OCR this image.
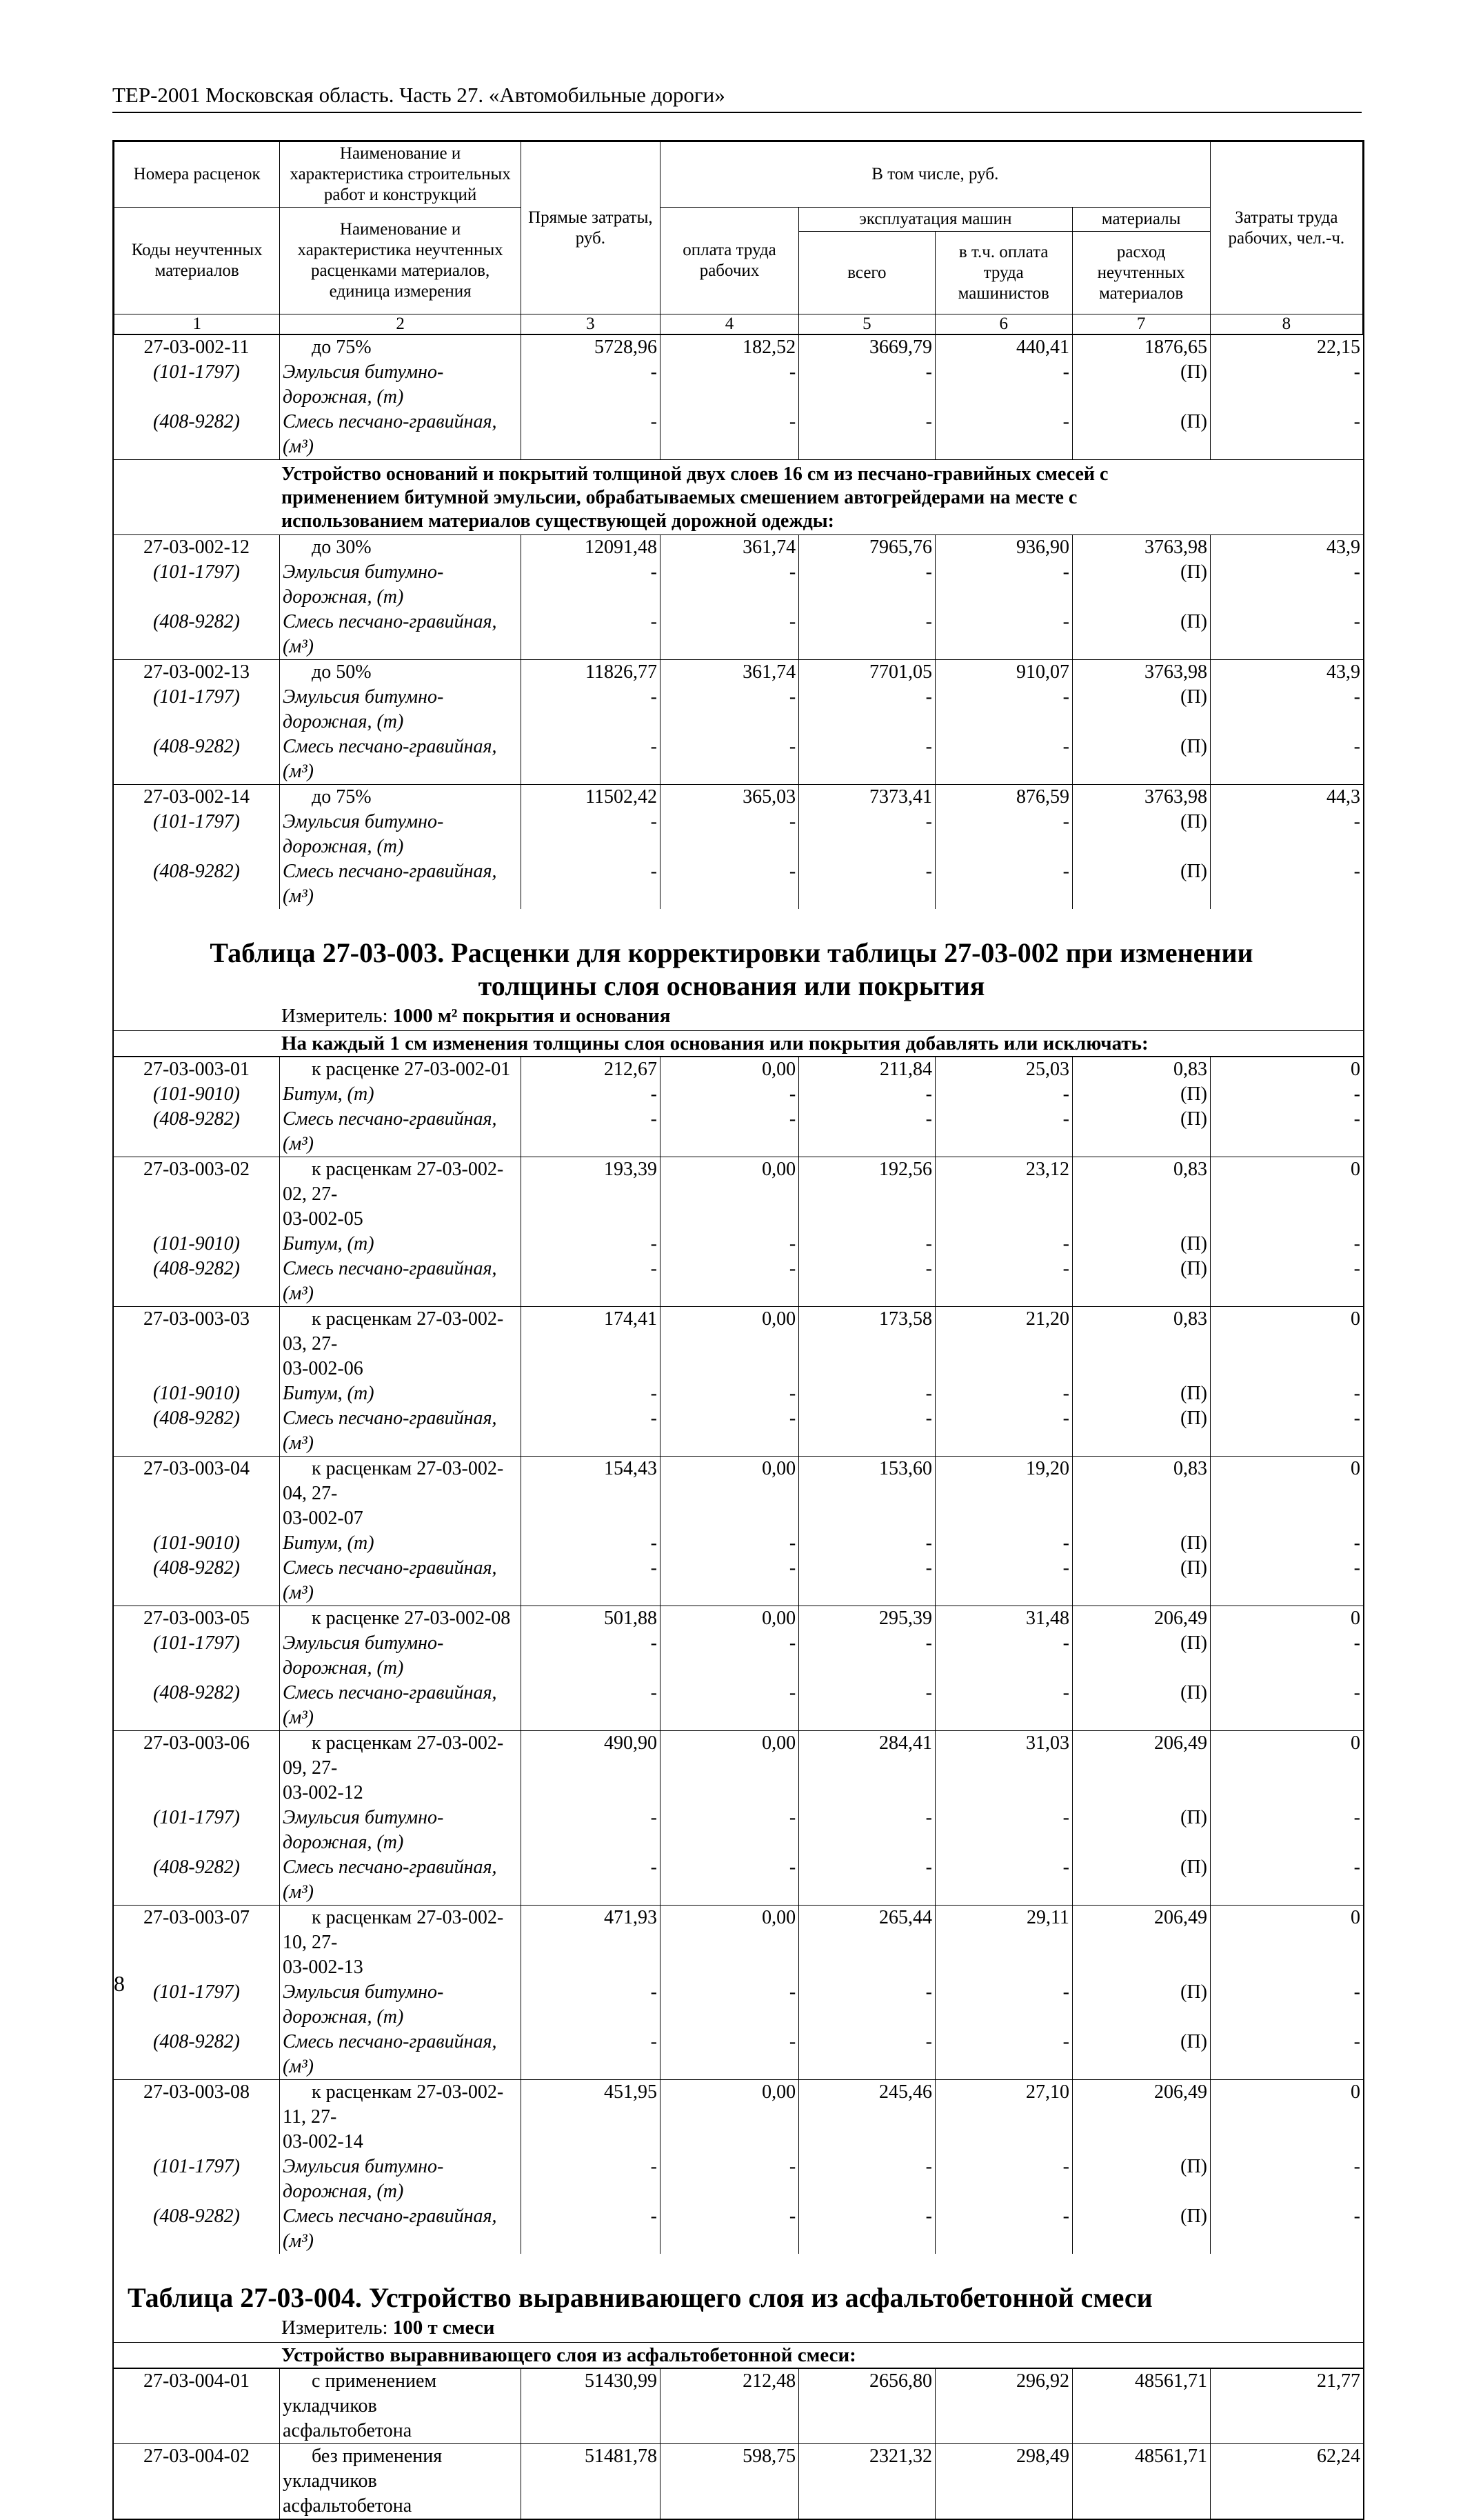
ТЕР-2001 Московская область. Часть 27. «Автомобильные дороги»
Номера расценок	Наименование и характеристика строительных работ и конструкций	Прямые затраты, руб.	В том числе, руб.				Затраты труда рабочих, чел.-ч.
Коды неучтенных материалов	Наименование и характеристика неучтенных расценками материалов, единица измерения		оплата труда рабочих	эксплуатация машин		материалы	
				всего	в т.ч. оплата труда машинистов	расход неучтенных материалов	
1	2	3	4	5	6	7	8
27-03-002-11	до 75%	5728,96	182,52	3669,79	440,41	1876,65	22,15
(101-1797)	Эмульсия битумно-дорожная, (т)	-	-	-	-	(П)	-
(408-9282)	Смесь песчано-гравийная, (м³)	-	-	-	-	(П)	-

Устройство оснований и покрытий толщиной двух слоев 16 см из песчано-гравийных смесей с применением битумной эмульсии, обрабатываемых смешением автогрейдерами на месте с использованием материалов существующей дорожной одежды:							

27-03-002-12	до 30%	12091,48	361,74	7965,76	936,90	3763,98	43,9
(101-1797)	Эмульсия битумно-дорожная, (т)	-	-	-	-	(П)	-
(408-9282)	Смесь песчано-гравийная, (м³)	-	-	-	-	(П)	-
27-03-002-13	до 50%	11826,77	361,74	7701,05	910,07	3763,98	43,9
(101-1797)	Эмульсия битумно-дорожная, (т)	-	-	-	-	(П)	-
(408-9282)	Смесь песчано-гравийная, (м³)	-	-	-	-	(П)	-
27-03-002-14	до 75%	11502,42	365,03	7373,41	876,59	3763,98	44,3
(101-1797)	Эмульсия битумно-дорожная, (т)	-	-	-	-	(П)	-
(408-9282)	Смесь песчано-гравийная, (м³)	-	-	-	-	(П)	-
Таблица 27-03-003. Расценки для корректировки таблицы 27-03-002 при изменении
толщины слоя основания или покрытия
Измеритель: 1000 м² покрытия и основания
На каждый 1 см изменения толщины слоя основания или покрытия добавлять или исключать:
27-03-003-01	к расценке 27-03-002-01	212,67	0,00	211,84	25,03	0,83	0
(101-9010)	Битум, (т)	-	-	-	-	(П)	-
(408-9282)	Смесь песчано-гравийная, (м³)	-	-	-	-	(П)	-
27-03-003-02	к расценкам 27-03-002-02, 27-
03-002-05	193,39	0,00	192,56	23,12	0,83	0
(101-9010)	Битум, (т)	-	-	-	-	(П)	-
(408-9282)	Смесь песчано-гравийная, (м³)	-	-	-	-	(П)	-
27-03-003-03	к расценкам 27-03-002-03, 27-
03-002-06	174,41	0,00	173,58	21,20	0,83	0
(101-9010)	Битум, (т)	-	-	-	-	(П)	-
(408-9282)	Смесь песчано-гравийная, (м³)	-	-	-	-	(П)	-
27-03-003-04	к расценкам 27-03-002-04, 27-
03-002-07	154,43	0,00	153,60	19,20	0,83	0
(101-9010)	Битум, (т)	-	-	-	-	(П)	-
(408-9282)	Смесь песчано-гравийная, (м³)	-	-	-	-	(П)	-
27-03-003-05	к расценке 27-03-002-08	501,88	0,00	295,39	31,48	206,49	0
(101-1797)	Эмульсия битумно-дорожная, (т)	-	-	-	-	(П)	-
(408-9282)	Смесь песчано-гравийная, (м³)	-	-	-	-	(П)	-
27-03-003-06	к расценкам 27-03-002-09, 27-
03-002-12	490,90	0,00	284,41	31,03	206,49	0
(101-1797)	Эмульсия битумно-дорожная, (т)	-	-	-	-	(П)	-
(408-9282)	Смесь песчано-гравийная, (м³)	-	-	-	-	(П)	-
27-03-003-07	к расценкам 27-03-002-10, 27-
03-002-13	471,93	0,00	265,44	29,11	206,49	0
(101-1797)	Эмульсия битумно-дорожная, (т)	-	-	-	-	(П)	-
(408-9282)	Смесь песчано-гравийная, (м³)	-	-	-	-	(П)	-
27-03-003-08	к расценкам 27-03-002-11, 27-
03-002-14	451,95	0,00	245,46	27,10	206,49	0
(101-1797)	Эмульсия битумно-дорожная, (т)	-	-	-	-	(П)	-
(408-9282)	Смесь песчано-гравийная, (м³)	-	-	-	-	(П)	-
Таблица 27-03-004. Устройство выравнивающего слоя из асфальтобетонной смеси
Измеритель: 100 т смеси
Устройство выравнивающего слоя из асфальтобетонной смеси:
27-03-004-01	с применением укладчиков
асфальтобетона	51430,99	212,48	2656,80	296,92	48561,71	21,77
27-03-004-02	без применения укладчиков
асфальтобетона	51481,78	598,75	2321,32	298,49	48561,71	62,24
8
